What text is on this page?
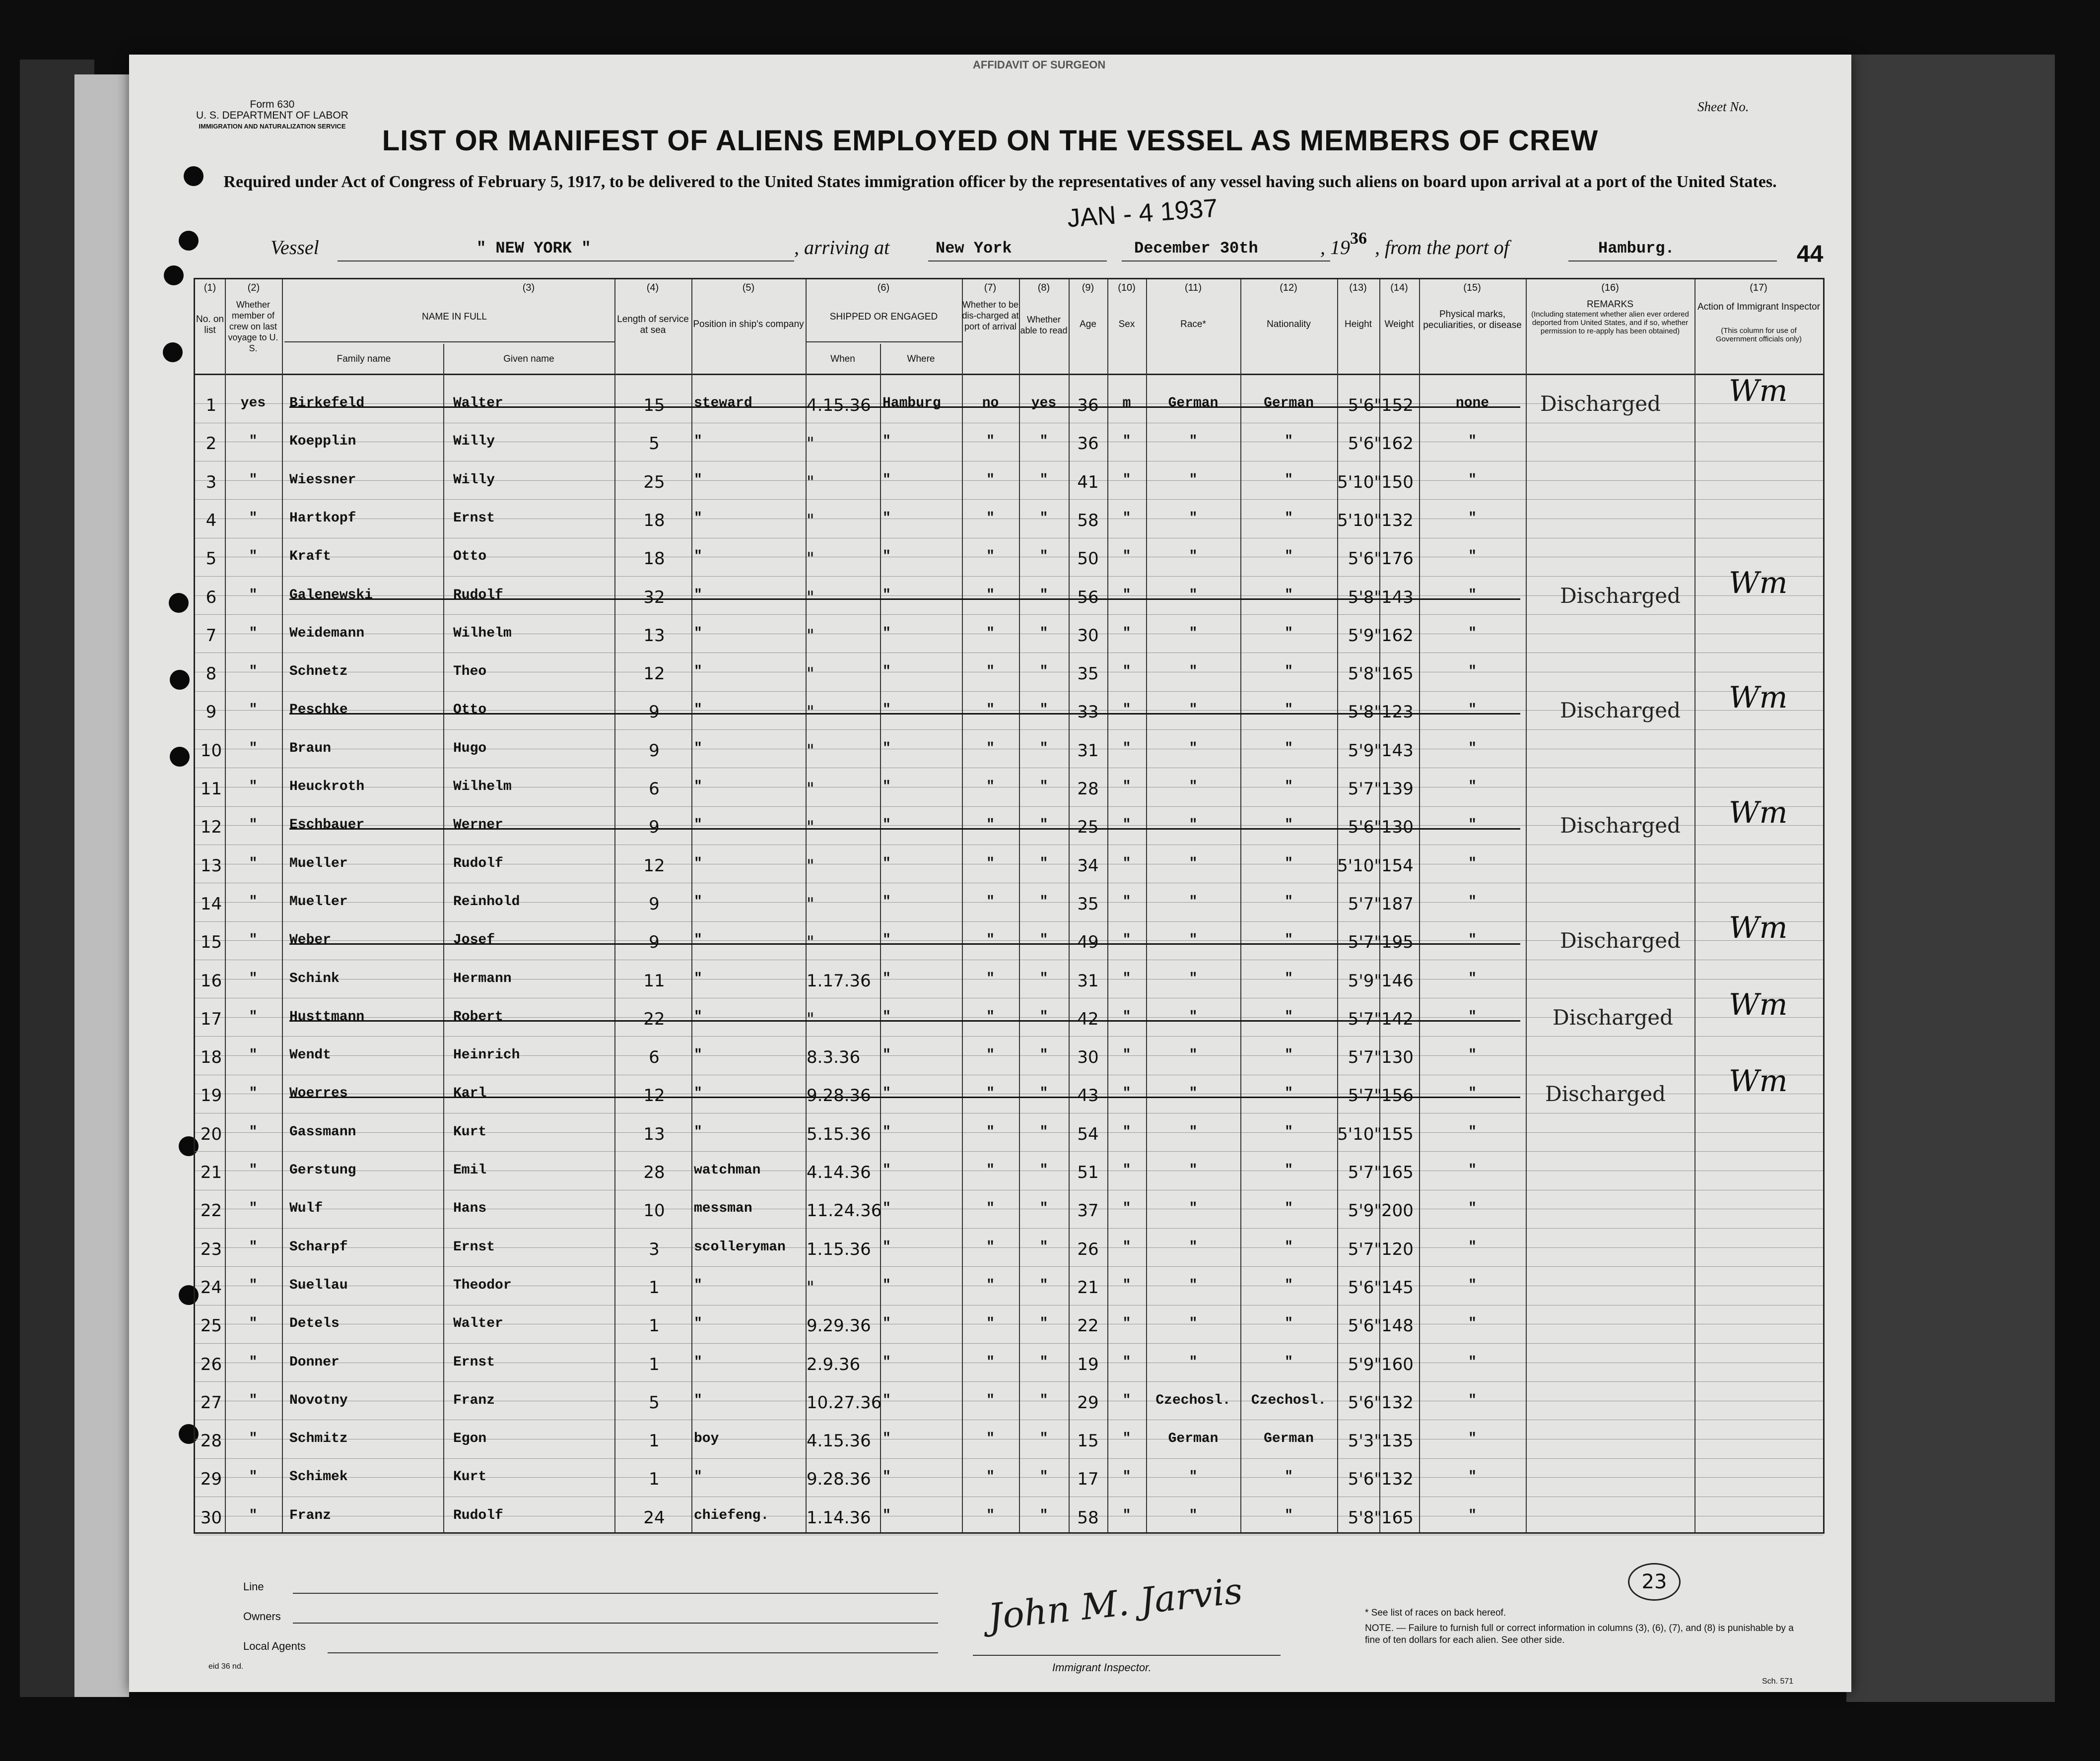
AFFIDAVIT OF SURGEON
Form 630
U. S. DEPARTMENT OF LABOR
IMMIGRATION AND NATURALIZATION SERVICE
Sheet No.
LIST OR MANIFEST OF ALIENS EMPLOYED ON THE VESSEL AS MEMBERS OF CREW
Required under Act of Congress of February 5, 1917, to be delivered to the United States immigration officer by the representatives of any vessel having such aliens on board upon arrival at a port of the United States.
JAN - 4 1937
Vessel	" NEW YORK "	, arriving at	New York	December 30th	, 19 36 , from the port of	Hamburg.	44
(1)	(2)	(3)	(4)	(5)	(6)	(7)	(8)	(9)	(10)	(11)	(12)	(13)	(14)	(15)	(16)	(17)
No. on list
Whether member of crew on last voyage to U. S.
NAME IN FULL
Family name	Given name
Length of service at sea
Position in ship's company
SHIPPED OR ENGAGED
When	Where
Whether to be dis-charged at port of arrival
Whether able to read
Age	Sex	Race*	Nationality	Height	Weight
Physical marks, peculiarities, or disease
REMARKS
(Including statement whether alien ever ordered deported from United States, and if so, whether permission to re-apply has been obtained)
Action of Immigrant Inspector
(This column for use of Government officials only)
1	yes	Birkefeld	Walter	15	steward	4.15.36 Hamburg	no	yes	36	m	German	German	5'6" 152	none	Discharged Wm
2	"	Koepplin	Willy	5	"	"	"	"	"	36	"	"	"	5'6" 162	"
3	"	Wiessner	Willy	25	"	"	"	"	"	41	"	"	"	5'10" 150	"
4	"	Hartkopf	Ernst	18	"	"	"	"	"	58	"	"	"	5'10" 132	"
5	"	Kraft	Otto	18	"	"	"	"	"	50	"	"	"	5'6" 176	"
6	"	Galenewski	Rudolf	32	"	"	"	"	"	56	"	"	"	5'8" 143	"	Discharged Wm
7	"	Weidemann	Wilhelm	13	"	"	"	"	"	30	"	"	"	5'9" 162	"
8	"	Schnetz	Theo	12	"	"	"	"	"	35	"	"	"	5'8" 165	"
9	"	Peschke	Otto	9	"	"	"	"	"	33	"	"	"	5'8" 123	"	Discharged Wm
10	"	Braun	Hugo	9	"	"	"	"	"	31	"	"	"	5'9" 143	"
11	"	Heuckroth	Wilhelm	6	"	"	"	"	"	28	"	"	"	5'7" 139	"
12	"	Eschbauer	Werner	9	"	"	"	"	"	25	"	"	"	5'6" 130	"	Discharged Wm
13	"	Mueller	Rudolf	12	"	"	"	"	"	34	"	"	"	5'10" 154	"
14	"	Mueller	Reinhold	9	"	"	"	"	"	35	"	"	"	5'7" 187	"
15	"	Weber	Josef	9	"	"	"	"	"	49	"	"	"	5'7" 195	"	Discharged Wm
16	"	Schink	Hermann	11	"	1.17.36 "	"	"	31	"	"	"	5'9" 146	"
17	"	Husttmann	Robert	22	"	"	"	"	"	42	"	"	"	5'7" 142	"	Discharged Wm
18	"	Wendt	Heinrich	6	"	8.3.36	"	"	"	30	"	"	"	5'7" 130	"
19	"	Woerres	Karl	12	"	9.28.36 "	"	"	43	"	"	"	5'7" 156	"	Discharged Wm
20	"	Gassmann	Kurt	13	"	5.15.36 "	"	"	54	"	"	"	5'10" 155	"
21	"	Gerstung	Emil	28	watchman	4.14.36 "	"	"	51	"	"	"	5'7" 165	"
22	"	Wulf	Hans	10	messman	11.24.36 "	"	"	37	"	"	"	5'9" 200	"
23	"	Scharpf	Ernst	3	scolleryman	1.15.36 "	"	"	26	"	"	"	5'7" 120	"
24	"	Suellau	Theodor	1	"	"	"	"	"	21	"	"	"	5'6" 145	"
25	"	Detels	Walter	1	"	9.29.36 "	"	"	22	"	"	"	5'6" 148	"
26	"	Donner	Ernst	1	"	2.9.36	"	"	"	19	"	"	"	5'9" 160	"
27	"	Novotny	Franz	5	"	10.27.36 "	"	"	29	"	Czechosl.	Czechosl.	5'6" 132	"
28	"	Schmitz	Egon	1	boy	4.15.36 "	"	"	15	"	German	German	5'3" 135	"
29	"	Schimek	Kurt	1	"	9.28.36 "	"	"	17	"	"	"	5'6" 132	"
30	"	Franz	Rudolf	24	chiefeng.	1.14.36 "	"	"	58	"	"	"	5'8" 165	"
Line
Owners
Local Agents
John M. Jarvis
Immigrant Inspector.
23
* See list of races on back hereof.
NOTE. — Failure to furnish full or correct information in columns (3), (6), (7), and (8) is punishable by a fine of ten dollars for each alien. See other side.
eid 36 nd.
Sch. 571
